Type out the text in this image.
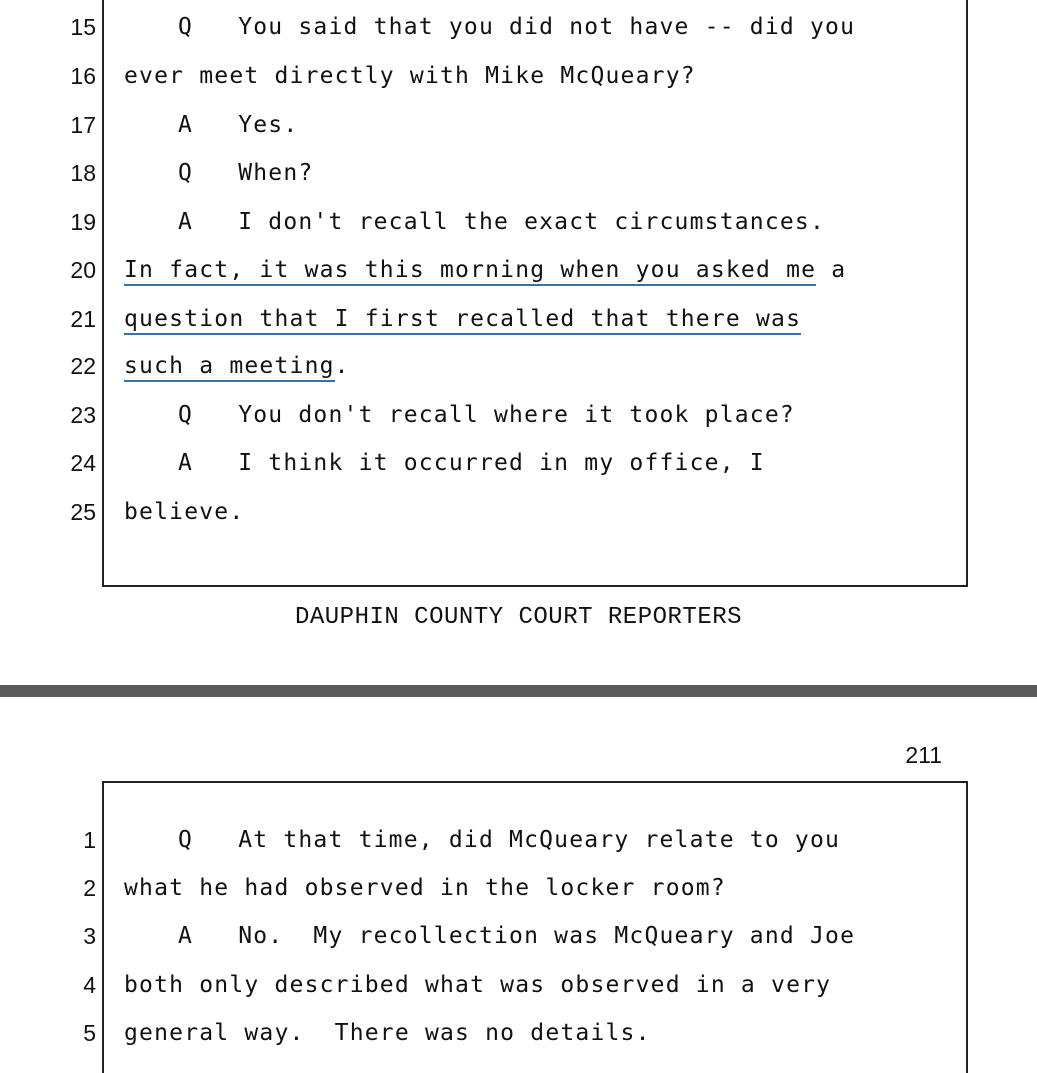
15	Q   You said that you did not have -- did you
16 ever meet directly with Mike McQueary?
17	A   Yes.
18	Q   When?
19	A   I don't recall the exact circumstances.
20 In fact, it was this morning when you asked me a
21 question that I first recalled that there was
22 such a meeting.
23	Q   You don't recall where it took place?
24	A   I think it occurred in my office, I
25 believe.
DAUPHIN COUNTY COURT REPORTERS
211
1	Q   At that time, did McQueary relate to you
2 what he had observed in the locker room?
3	A   No.  My recollection was McQueary and Joe
4 both only described what was observed in a very
5 general way.  There was no details.
